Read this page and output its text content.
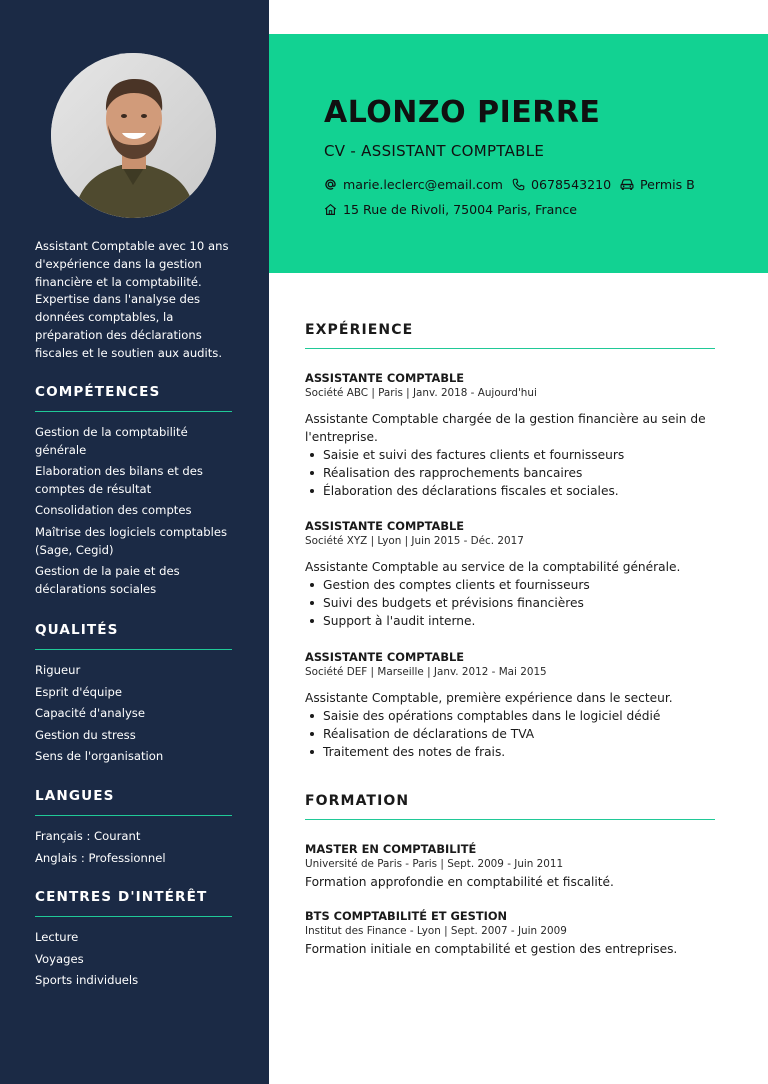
Assistant Comptable avec 10 ans d'expérience dans la gestion financière et la comptabilité. Expertise dans l'analyse des données comptables, la préparation des déclarations fiscales et le soutien aux audits.
COMPÉTENCES
Gestion de la comptabilité générale
Elaboration des bilans et des comptes de résultat
Consolidation des comptes
Maîtrise des logiciels comptables (Sage, Cegid)
Gestion de la paie et des déclarations sociales
QUALITÉS
Rigueur
Esprit d'équipe
Capacité d'analyse
Gestion du stress
Sens de l'organisation
LANGUES
Français : Courant
Anglais : Professionnel
CENTRES D'INTÉRÊT
Lecture
Voyages
Sports individuels
ALONZO PIERRE
CV - ASSISTANT COMPTABLE
marie.leclerc@email.com 0678543210 Permis B
15 Rue de Rivoli, 75004 Paris, France
EXPÉRIENCE
ASSISTANTE COMPTABLE
Société ABC | Paris | Janv. 2018 - Aujourd'hui
Assistante Comptable chargée de la gestion financière au sein de l'entreprise.
Saisie et suivi des factures clients et fournisseurs
Réalisation des rapprochements bancaires
Élaboration des déclarations fiscales et sociales.
ASSISTANTE COMPTABLE
Société XYZ | Lyon | Juin 2015 - Déc. 2017
Assistante Comptable au service de la comptabilité générale.
Gestion des comptes clients et fournisseurs
Suivi des budgets et prévisions financières
Support à l'audit interne.
ASSISTANTE COMPTABLE
Société DEF | Marseille | Janv. 2012 - Mai 2015
Assistante Comptable, première expérience dans le secteur.
Saisie des opérations comptables dans le logiciel dédié
Réalisation de déclarations de TVA
Traitement des notes de frais.
FORMATION
MASTER EN COMPTABILITÉ
Université de Paris - Paris | Sept. 2009 - Juin 2011
Formation approfondie en comptabilité et fiscalité.
BTS COMPTABILITÉ ET GESTION
Institut des Finance - Lyon | Sept. 2007 - Juin 2009
Formation initiale en comptabilité et gestion des entreprises.
